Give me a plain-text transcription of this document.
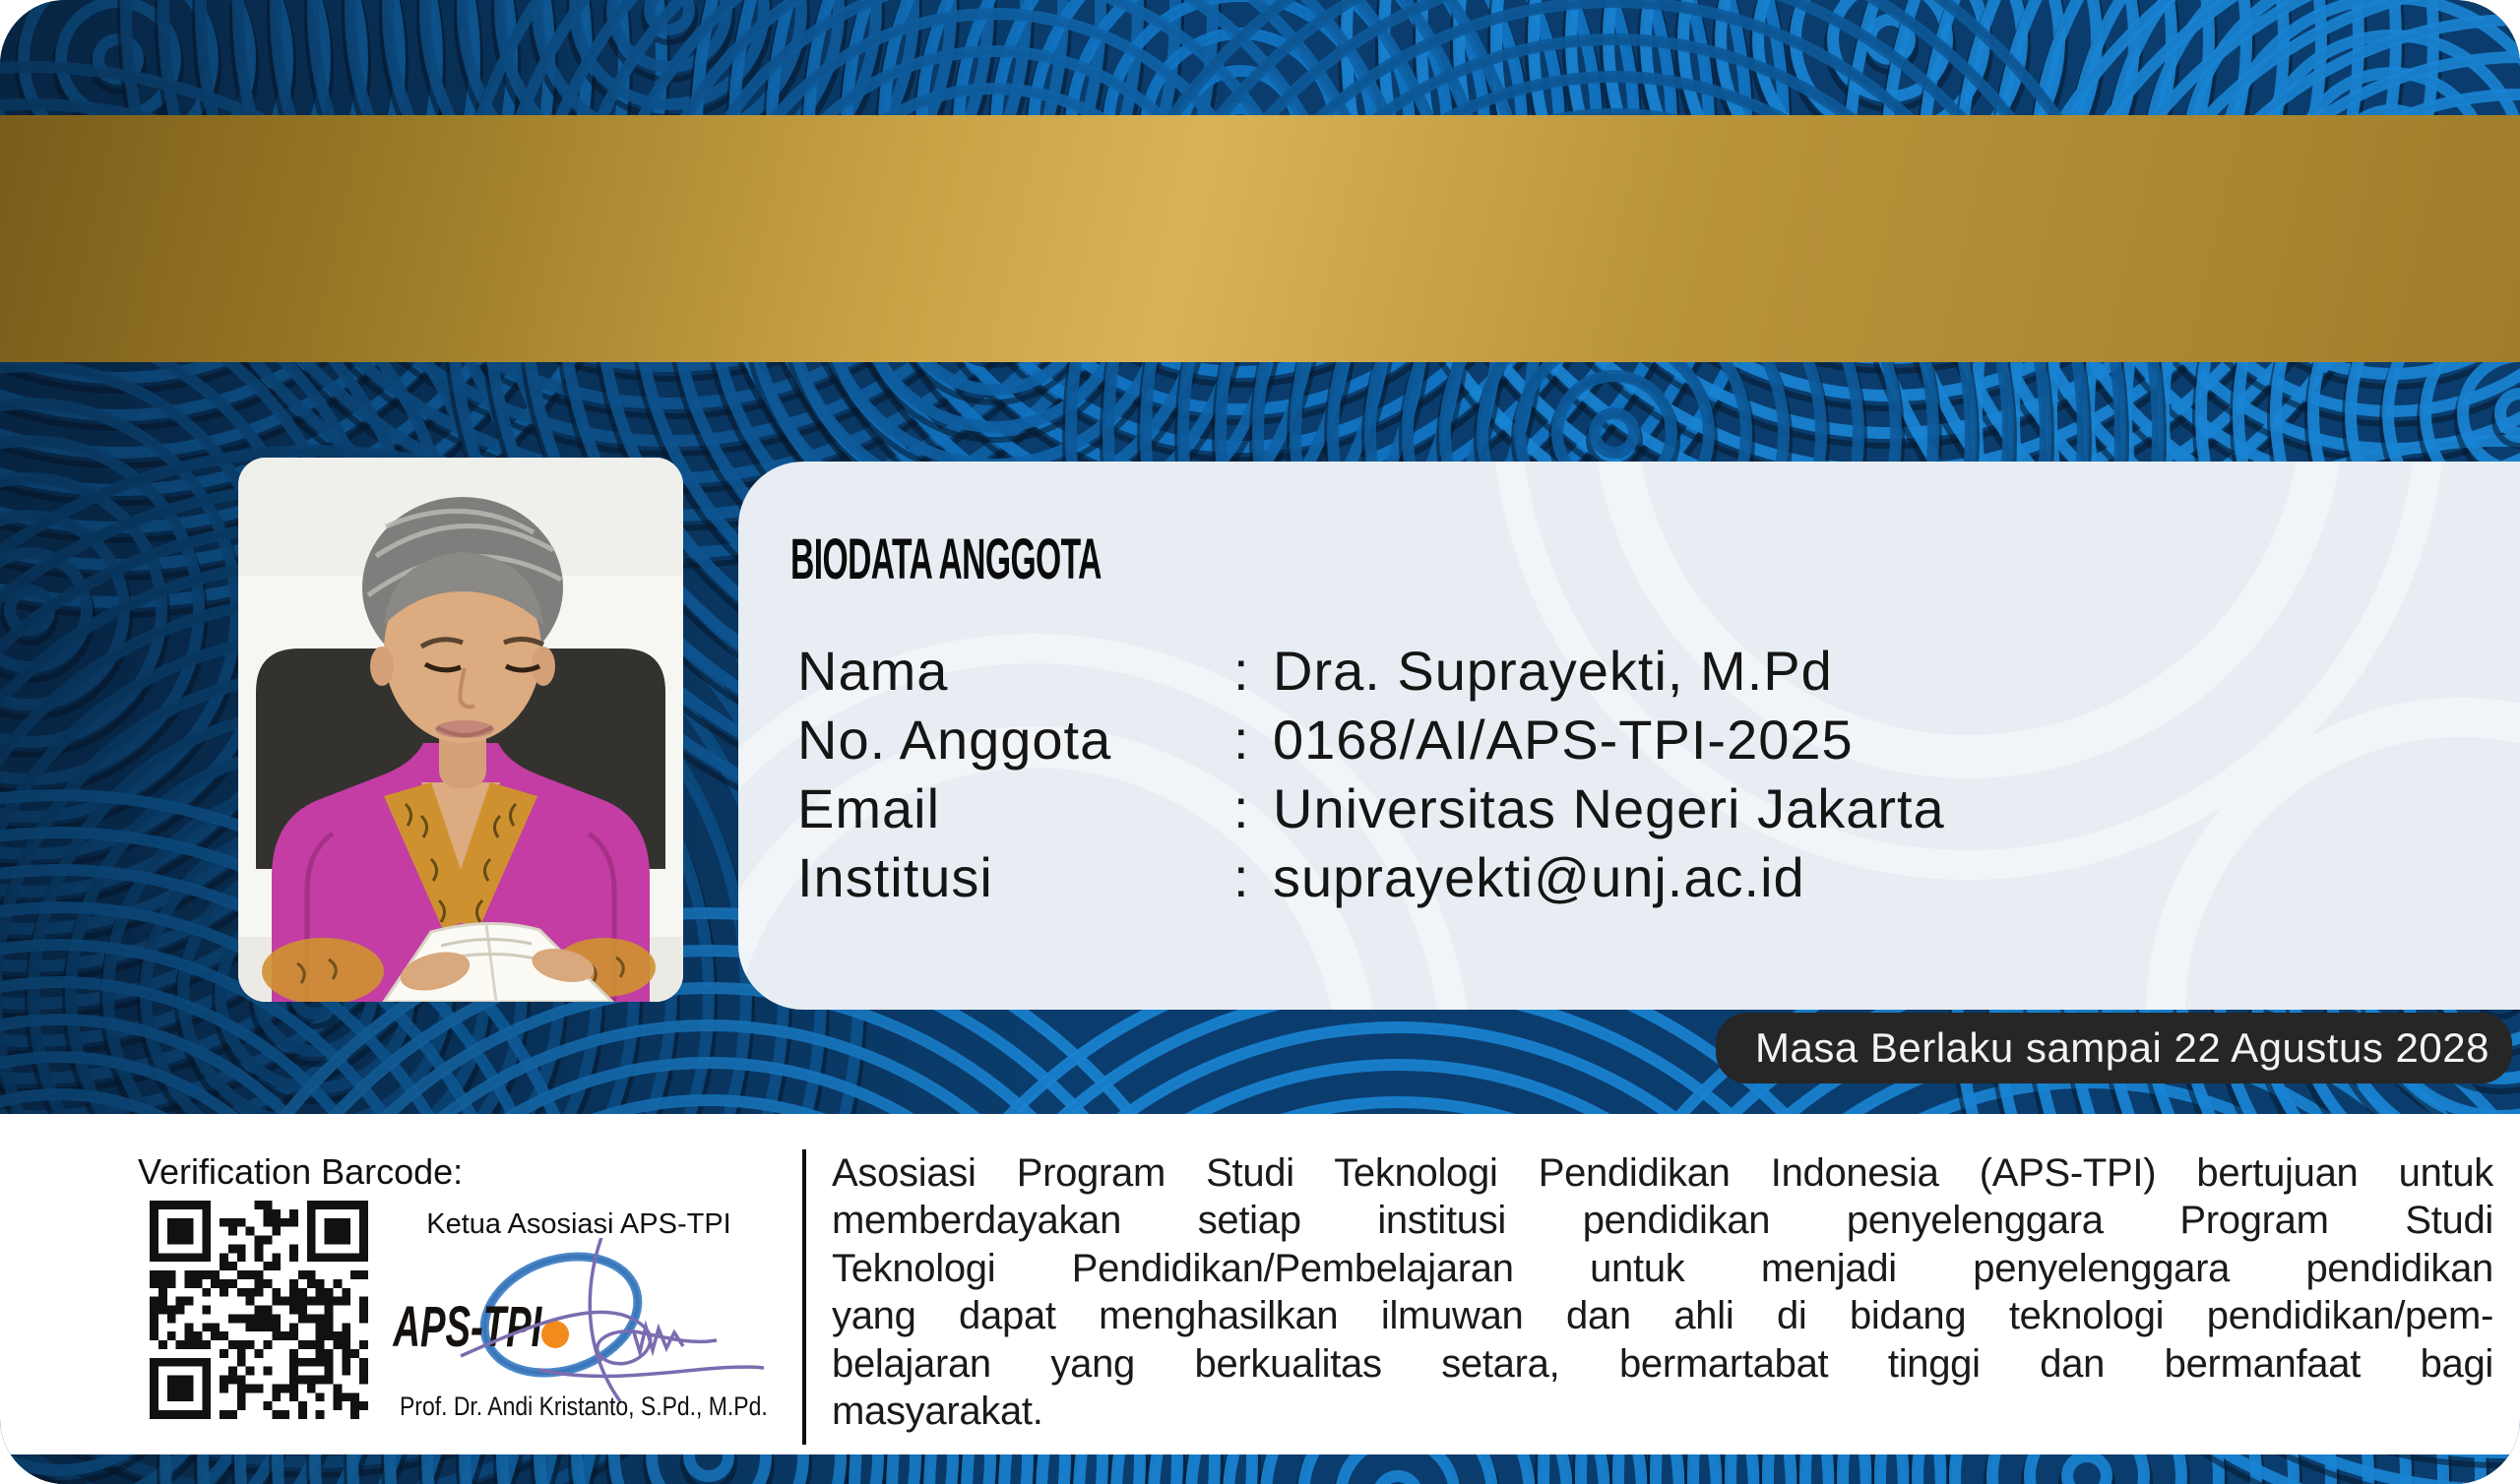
BIODATA ANGGOTA
Nama	: Dra. Suprayekti, M.Pd
No. Anggota	: 0168/AI/APS-TPI-2025
Email	: Universitas Negeri Jakarta
Institusi	: suprayekti@unj.ac.id
Masa Berlaku sampai 22 Agustus 2028
Verification Barcode:
Ketua Asosiasi APS-TPI
APS-TPI
Prof. Dr. Andi Kristanto, S.Pd., M.Pd.
Asosiasi Program Studi Teknologi Pendidikan Indonesia (APS-TPI) bertujuan untuk
memberdayakan setiap institusi pendidikan penyelenggara Program Studi
Teknologi Pendidikan/Pembelajaran untuk menjadi penyelenggara pendidikan
yang dapat menghasilkan ilmuwan dan ahli di bidang teknologi pendidikan/pem-
belajaran yang berkualitas setara, bermartabat tinggi dan bermanfaat bagi
masyarakat.
